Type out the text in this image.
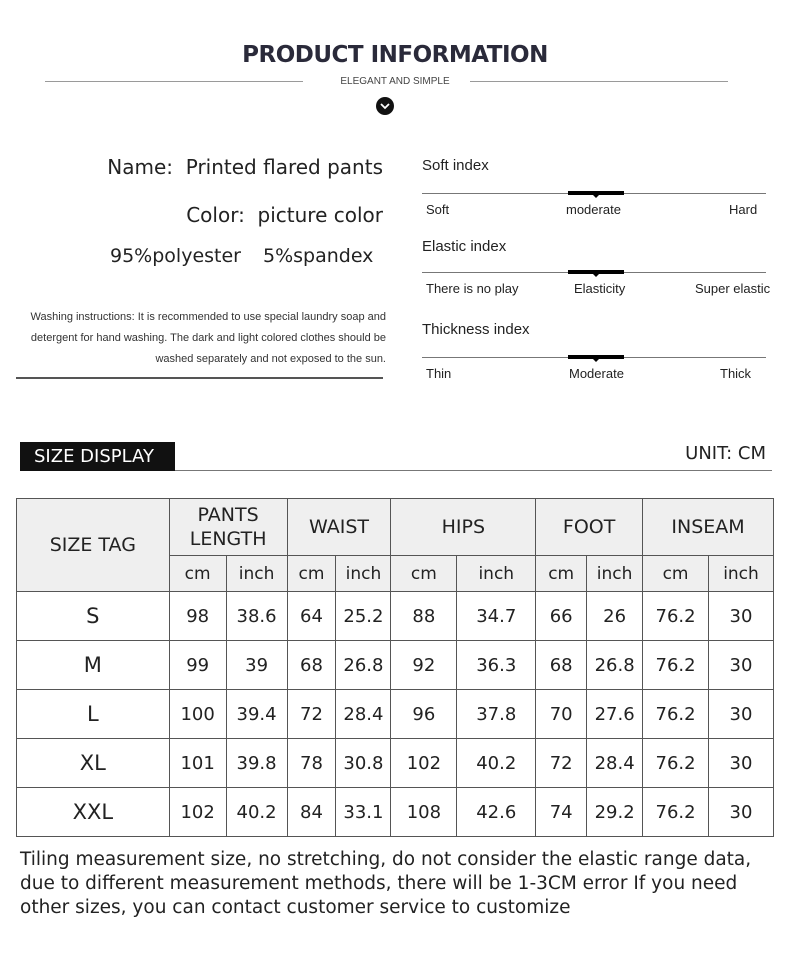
PRODUCT INFORMATION
ELEGANT AND SIMPLE
Name: Printed flared pants
Color: picture color
95%polyester 5%spandex
Washing instructions: It is recommended to use special laundry soap and detergent for hand washing. The dark and light colored clothes should be washed separately and not exposed to the sun.
Soft index
Soft	moderate	Hard
Elastic index
There is no play	Elasticity	Super elastic
Thickness index
Thin	Moderate	Thick
SIZE DISPLAY	UNIT: CM
SIZE TAG	PANTS LENGTH		WAIST		HIPS		FOOT		INSEAM	
	cm	inch	cm	inch	cm	inch	cm	inch	cm	inch
S	98	38.6	64	25.2	88	34.7	66	26	76.2	30
M	99	39	68	26.8	92	36.3	68	26.8	76.2	30
L	100	39.4	72	28.4	96	37.8	70	27.6	76.2	30
XL	101	39.8	78	30.8	102	40.2	72	28.4	76.2	30
XXL	102	40.2	84	33.1	108	42.6	74	29.2	76.2	30
Tiling measurement size, no stretching, do not consider the elastic range data, due to different measurement methods, there will be 1-3CM error If you need other sizes, you can contact customer service to customize
